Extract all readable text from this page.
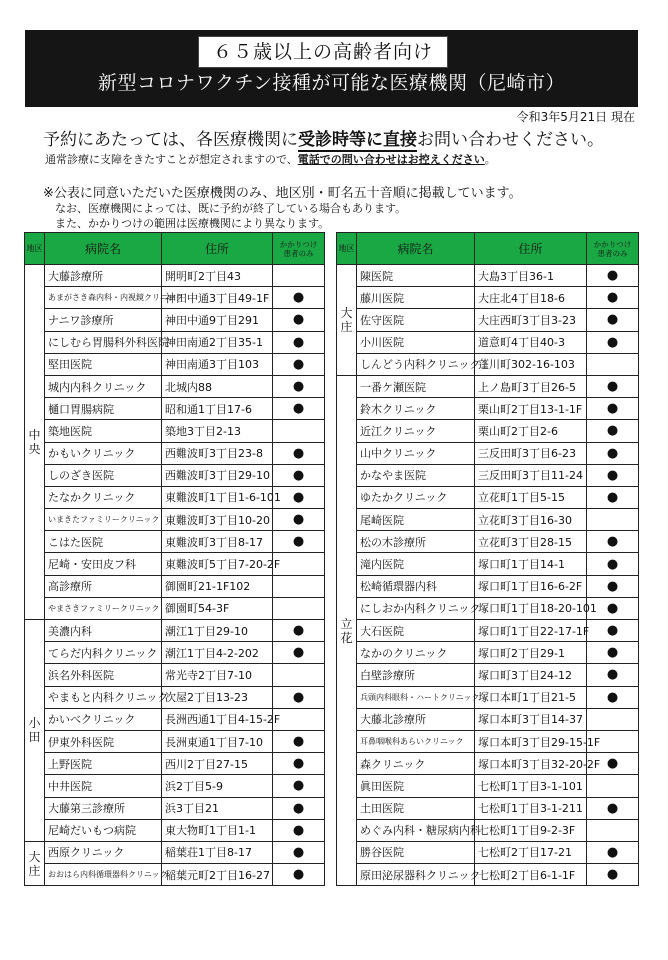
６５歳以上の高齢者向け
新型コロナワクチン接種が可能な医療機関（尼崎市）
令和3年5月21日 現在
予約にあたっては、各医療機関に受診時等に直接お問い合わせください。
通常診療に支障をきたすことが想定されますので、電話での問い合わせはお控えください。
※公表に同意いただいた医療機関のみ、地区別・町名五十音順に掲載しています。
なお、医療機関によっては、既に予約が終了している場合もあります。
また、かかりつけの範囲は医療機関により異なります。
地区	病院名	住所	かかりつけ
患者のみ
中央	大藤診療所	開明町2丁目43	
	あまがさき森内科・内視鏡クリニック	神田中通3丁目49-1F	●
	ナニワ診療所	神田中通9丁目291	●
	にしむら胃腸科外科医院	神田南通2丁目35-1	●
	堅田医院	神田南通3丁目103	●
	城内内科クリニック	北城内88	●
	樋口胃腸病院	昭和通1丁目17-6	●
	築地医院	築地3丁目2-13	
	かもいクリニック	西難波町3丁目23-8	●
	しのざき医院	西難波町3丁目29-10	●
	たなかクリニック	東難波町1丁目1-6-101	●
	いまきたファミリークリニック	東難波町3丁目10-20	●
	こはた医院	東難波町3丁目8-17	●
	尼崎・安田皮フ科	東難波町5丁目7-20-2F	
	高診療所	御園町21-1F102	
	やまさきファミリークリニック	御園町54-3F	
小田	美濃内科	潮江1丁目29-10	●
	てらだ内科クリニック	潮江1丁目4-2-202	●
	浜名外科医院	常光寺2丁目7-10	
	やまもと内科クリニック	次屋2丁目13-23	●
	かいべクリニック	長洲西通1丁目4-15-2F	
	伊東外科医院	長洲東通1丁目7-10	●
	上野医院	西川2丁目27-15	●
	中井医院	浜2丁目5-9	●
	大藤第三診療所	浜3丁目21	●
	尼崎だいもつ病院	東大物町1丁目1-1	●
大庄	西原クリニック	稲葉荘1丁目8-17	●
	おおはら内科循環器科クリニック	稲葉元町2丁目16-27	●
地区	病院名	住所	かかりつけ
患者のみ
大庄	陳医院	大島3丁目36-1	●
	藤川医院	大庄北4丁目18-6	●
	佐守医院	大庄西町3丁目3-23	●
	小川医院	道意町4丁目40-3	●
	しんどう内科クリニック	蓬川町302-16-103	
立花	一番ケ瀬医院	上ノ島町3丁目26-5	●
	鈴木クリニック	栗山町2丁目13-1-1F	●
	近江クリニック	栗山町2丁目2-6	●
	山中クリニック	三反田町3丁目6-23	●
	かなやま医院	三反田町3丁目11-24	●
	ゆたかクリニック	立花町1丁目5-15	●
	尾崎医院	立花町3丁目16-30	
	松の木診療所	立花町3丁目28-15	●
	滝内医院	塚口町1丁目14-1	●
	松崎循環器内科	塚口町1丁目16-6-2F	●
	にしおか内科クリニック	塚口町1丁目18-20-101	●
	大石医院	塚口町1丁目22-17-1F	●
	なかのクリニック	塚口町2丁目29-1	●
	白壁診療所	塚口町3丁目24-12	●
	兵頭内科眼科・ハートクリニック	塚口本町1丁目21-5	●
	大藤北診療所	塚口本町3丁目14-37	
	耳鼻咽喉科あらいクリニック	塚口本町3丁目29-15-1F	
	森クリニック	塚口本町3丁目32-20-2F	●
	眞田医院	七松町1丁目3-1-101	
	土田医院	七松町1丁目3-1-211	●
	めぐみ内科・糖尿病内科	七松町1丁目9-2-3F	
	勝谷医院	七松町2丁目17-21	●
	原田泌尿器科クリニック	七松町2丁目6-1-1F	●
